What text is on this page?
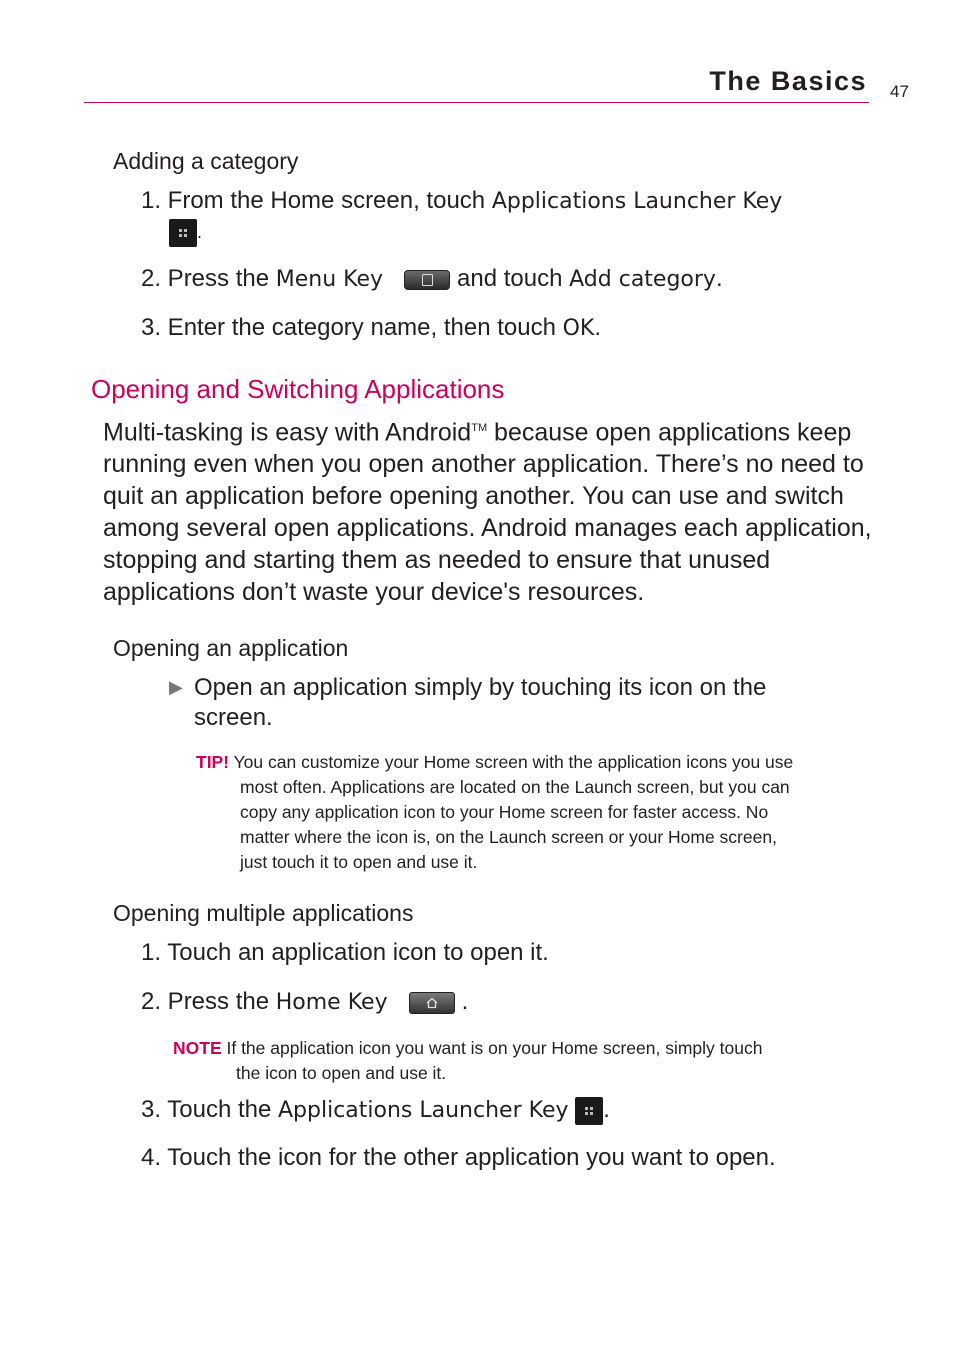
The Basics 47
Adding a category
1. From the Home screen, touch Applications Launcher Key
.
2. Press the Menu Key	and touch Add category.
3. Enter the category name, then touch OK.
Opening and Switching Applications
Multi-tasking is easy with Android™ because open applications keep running even when you open another application. There’s no need to quit an application before opening another. You can use and switch among several open applications. Android manages each application, stopping and starting them as needed to ensure that unused applications don’t waste your device's resources.
Opening an application
▶ Open an application simply by touching its icon on the
screen.
TIP! You can customize your Home screen with the application icons you use
most often. Applications are located on the Launch screen, but you can
copy any application icon to your Home screen for faster access. No
matter where the icon is, on the Launch screen or your Home screen,
just touch it to open and use it.
Opening multiple applications
1. Touch an application icon to open it.
2. Press the Home Key	.
NOTE If the application icon you want is on your Home screen, simply touch
the icon to open and use it.
3. Touch the Applications Launcher Key .
4. Touch the icon for the other application you want to open.
